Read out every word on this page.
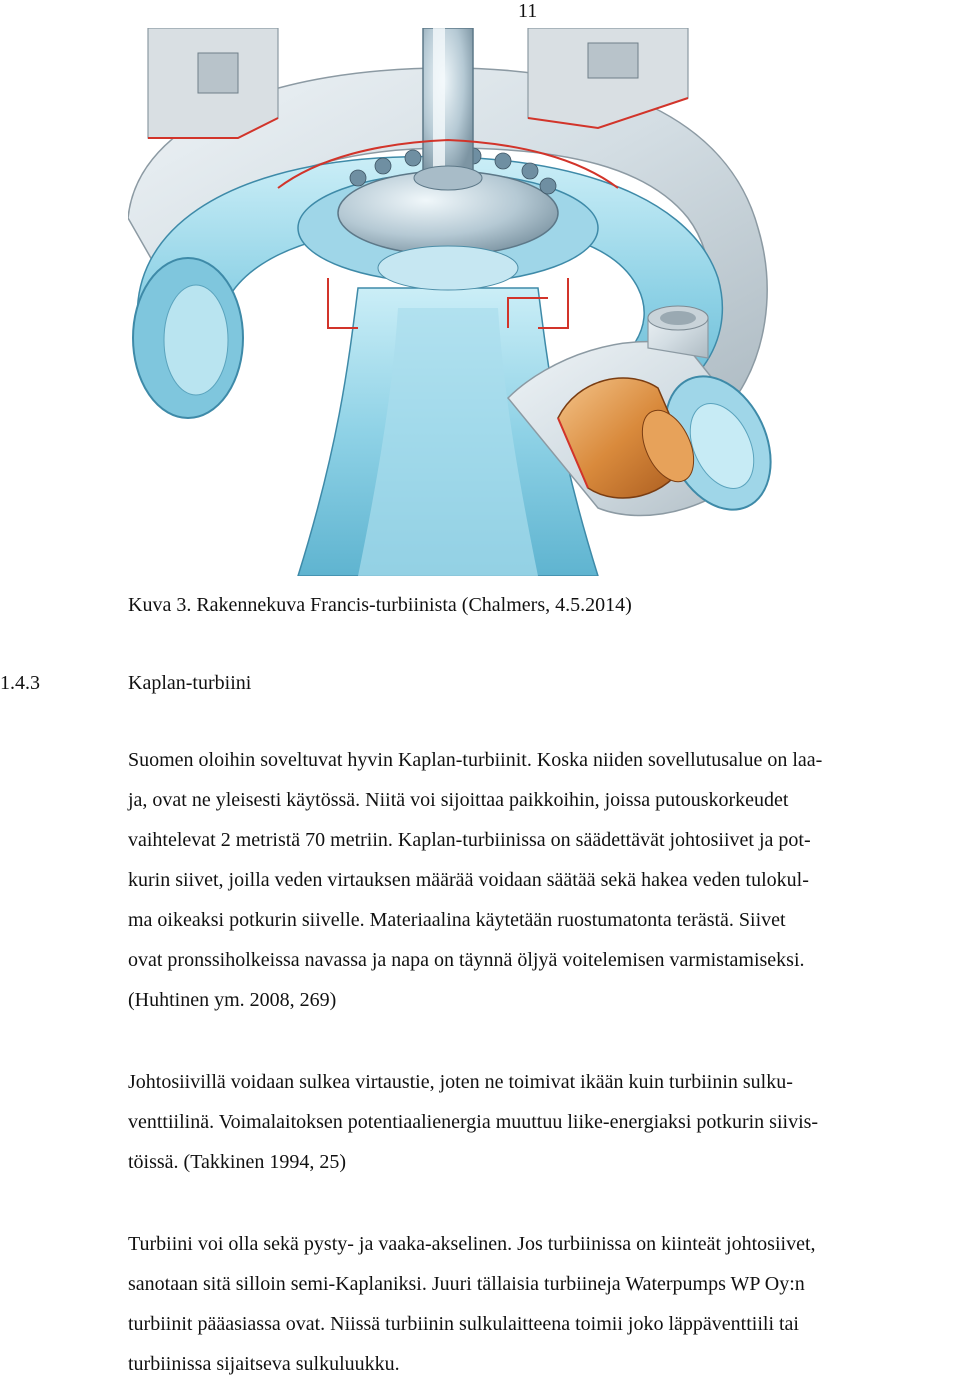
11
Kuva 3. Rakennekuva Francis-turbiinista (Chalmers, 4.5.2014)
1.4.3	Kaplan-turbiini
Suomen oloihin soveltuvat hyvin Kaplan-turbiinit. Koska niiden sovellutusalue on laa-
ja, ovat ne yleisesti käytössä. Niitä voi sijoittaa paikkoihin, joissa putouskorkeudet
vaihtelevat 2 metristä 70 metriin. Kaplan-turbiinissa on säädettävät johtosiivet ja pot-
kurin siivet, joilla veden virtauksen määrää voidaan säätää sekä hakea veden tulokul-
ma oikeaksi potkurin siivelle. Materiaalina käytetään ruostumatonta terästä. Siivet
ovat pronssiholkeissa navassa ja napa on täynnä öljyä voitelemisen varmistamiseksi.
(Huhtinen ym. 2008, 269)
Johtosiivillä voidaan sulkea virtaustie, joten ne toimivat ikään kuin turbiinin sulku-
venttiilinä. Voimalaitoksen potentiaalienergia muuttuu liike-energiaksi potkurin siivis-
töissä. (Takkinen 1994, 25)
Turbiini voi olla sekä pysty- ja vaaka-akselinen. Jos turbiinissa on kiinteät johtosiivet,
sanotaan sitä silloin semi-Kaplaniksi. Juuri tällaisia turbiineja Waterpumps WP Oy:n
turbiinit pääasiassa ovat. Niissä turbiinin sulkulaitteena toimii joko läppäventtiili tai
turbiinissa sijaitseva sulkuluukku.
